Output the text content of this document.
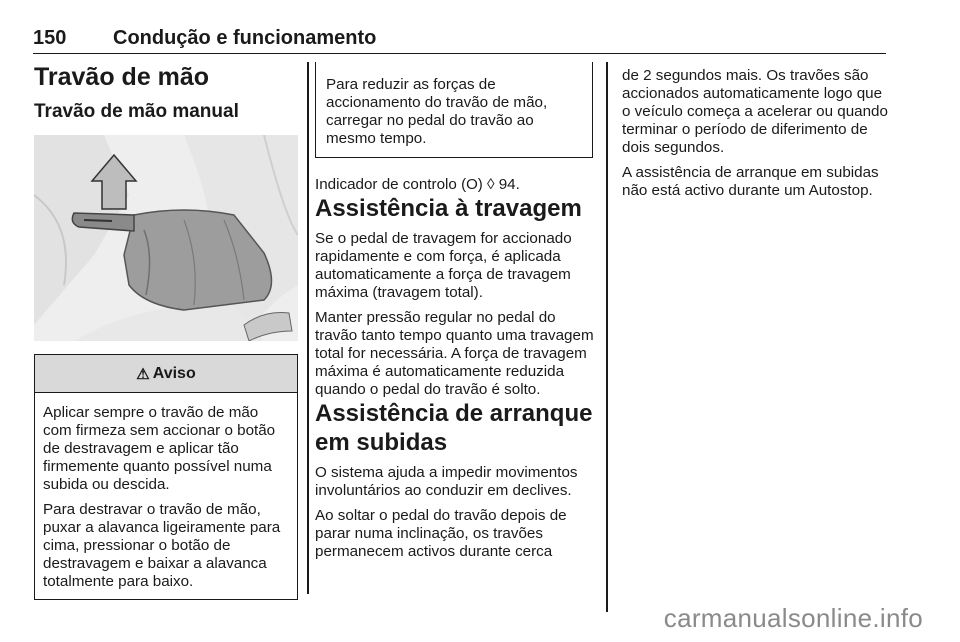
150 Condução e funcionamento
Travão de mão
Travão de mão manual
⚠ Aviso

Aplicar sempre o travão de mão com firmeza sem accionar o botão de destravagem e aplicar tão firmemente quanto possível numa subida ou descida.

Para destravar o travão de mão, puxar a alavanca ligeiramente para cima, pressionar o botão de destravagem e baixar a alavanca totalmente para baixo.

Para reduzir as forças de accionamento do travão de mão, carregar no pedal do travão ao mesmo tempo.

Indicador de controlo (O) ◊ 94.

Assistência à travagem

Se o pedal de travagem for accionado rapidamente e com força, é aplicada automaticamente a força de travagem máxima (travagem total).

Manter pressão regular no pedal do travão tanto tempo quanto uma travagem total for necessária. A força de travagem máxima é automaticamente reduzida quando o pedal do travão é solto.

Assistência de arranque em subidas

O sistema ajuda a impedir movimentos involuntários ao conduzir em declives.

Ao soltar o pedal do travão depois de parar numa inclinação, os travões permanecem activos durante cerca

de 2 segundos mais. Os travões são accionados automaticamente logo que o veículo começa a acelerar ou quando terminar o período de diferimento de dois segundos.

A assistência de arranque em subidas não está activo durante um Autostop.

carmanualsonline.info
